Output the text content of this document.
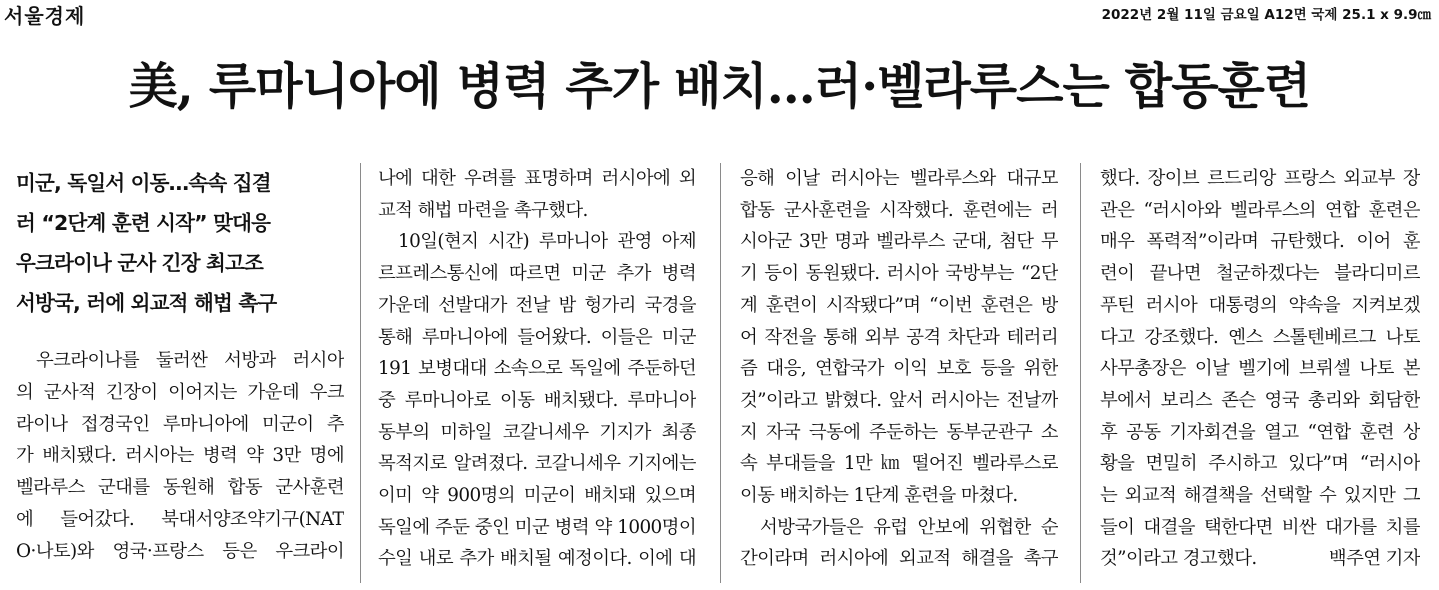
서울경제	2022년 2월 11일 금요일 A12면 국제 25.1 x 9.9㎝
美, 루마니아에 병력 추가 배치…러·벨라루스는 합동훈련
미군, 독일서 이동…속속 집결
러 “2단계 훈련 시작” 맞대응
우크라이나 군사 긴장 최고조
서방국, 러에 외교적 해법 촉구
우크라이나를 둘러싼 서방과 러시아
의 군사적 긴장이 이어지는 가운데 우크
라이나 접경국인 루마니아에 미군이 추
가 배치됐다. 러시아는 병력 약 3만 명에
벨라루스 군대를 동원해 합동 군사훈련
에 들어갔다. 북대서양조약기구(NAT
O·나토)와 영국·프랑스 등은 우크라이
나에 대한 우려를 표명하며 러시아에 외
교적 해법 마련을 촉구했다.
10일(현지 시간) 루마니아 관영 아제
르프레스통신에 따르면 미군 추가 병력
가운데 선발대가 전날 밤 헝가리 국경을
통해 루마니아에 들어왔다. 이들은 미군
191 보병대대 소속으로 독일에 주둔하던
중 루마니아로 이동 배치됐다. 루마니아
동부의 미하일 코갈니세우 기지가 최종
목적지로 알려졌다. 코갈니세우 기지에는
이미 약 900명의 미군이 배치돼 있으며
독일에 주둔 중인 미군 병력 약 1000명이
수일 내로 추가 배치될 예정이다. 이에 대
응해 이날 러시아는 벨라루스와 대규모
합동 군사훈련을 시작했다. 훈련에는 러
시아군 3만 명과 벨라루스 군대, 첨단 무
기 등이 동원됐다. 러시아 국방부는 “2단
계 훈련이 시작됐다”며 “이번 훈련은 방
어 작전을 통해 외부 공격 차단과 테러리
즘 대응, 연합국가 이익 보호 등을 위한
것”이라고 밝혔다. 앞서 러시아는 전날까
지 자국 극동에 주둔하는 동부군관구 소
속 부대들을 1만 ㎞ 떨어진 벨라루스로
이동 배치하는 1단계 훈련을 마쳤다.
서방국가들은 유럽 안보에 위협한 순
간이라며 러시아에 외교적 해결을 촉구
했다. 장이브 르드리앙 프랑스 외교부 장
관은 “러시아와 벨라루스의 연합 훈련은
매우 폭력적”이라며 규탄했다. 이어 훈
련이 끝나면 철군하겠다는 블라디미르
푸틴 러시아 대통령의 약속을 지켜보겠
다고 강조했다. 옌스 스톨텐베르그 나토
사무총장은 이날 벨기에 브뤼셀 나토 본
부에서 보리스 존슨 영국 총리와 회담한
후 공동 기자회견을 열고 “연합 훈련 상
황을 면밀히 주시하고 있다”며 “러시아
는 외교적 해결책을 선택할 수 있지만 그
들이 대결을 택한다면 비싼 대가를 치를
것”이라고 경고했다.	백주연 기자
